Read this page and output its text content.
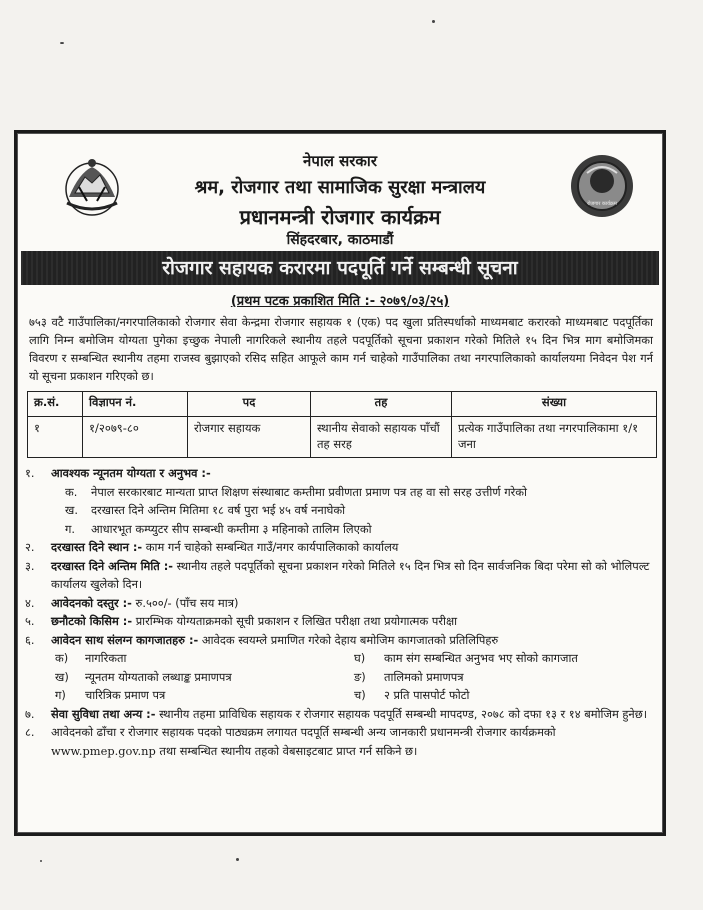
नेपाल सरकार
श्रम, रोजगार तथा सामाजिक सुरक्षा मन्त्रालय
प्रधानमन्त्री रोजगार कार्यक्रम
सिंहदरबार, काठमाडौं
रोजगार कार्यक्रम
रोजगार सहायक करारमा पदपूर्ति गर्ने सम्बन्धी सूचना
(प्रथम पटक प्रकाशित मिति :- २०७९/०३/२५)
७५३ वटै गाउँपालिका/नगरपालिकाको रोजगार सेवा केन्द्रमा रोजगार सहायक १ (एक) पद खुला प्रतिस्पर्धाको माध्यमबाट करारको माध्यमबाट पदपूर्तिका लागि निम्न बमोजिम योग्यता पुगेका इच्छुक नेपाली नागरिकले स्थानीय तहले पदपूर्तिको सूचना प्रकाशन गरेको मितिले १५ दिन भित्र माग बमोजिमका विवरण र सम्बन्धित स्थानीय तहमा राजस्व बुझाएको रसिद सहित आफूले काम गर्न चाहेको गाउँपालिका तथा नगरपालिकाको कार्यालयमा निवेदन पेश गर्न यो सूचना प्रकाशन गरिएको छ।
क्र.सं.	विज्ञापन नं.	पद	तह	संख्या
१	१/२०७९-८०	रोजगार सहायक	स्थानीय सेवाको सहायक पाँचौं तह सरह	प्रत्येक गाउँपालिका तथा नगरपालिकामा १/१ जना
१.	आवश्यक न्यूनतम योग्यता र अनुभव :-
क.	नेपाल सरकारबाट मान्यता प्राप्त शिक्षण संस्थाबाट कम्तीमा प्रवीणता प्रमाण पत्र तह वा सो सरह उत्तीर्ण गरेको
ख.	दरखास्त दिने अन्तिम मितिमा १८ वर्ष पुरा भई ४५ वर्ष ननाघेको
ग.	आधारभूत कम्प्युटर सीप सम्बन्धी कम्तीमा ३ महिनाको तालिम लिएको
२.	दरखास्त दिने स्थान :- काम गर्न चाहेको सम्बन्धित गाउँ/नगर कार्यपालिकाको कार्यालय
३.	दरखास्त दिने अन्तिम मिति :- स्थानीय तहले पदपूर्तिको सूचना प्रकाशन गरेको मितिले १५ दिन भित्र सो दिन सार्वजनिक बिदा परेमा सो को भोलिपल्ट कार्यालय खुलेको दिन।
४.	आवेदनको दस्तुर :- रु.५००/- (पाँच सय मात्र)
५.	छनौटको किसिम :- प्रारम्भिक योग्यताक्रमको सूची प्रकाशन र लिखित परीक्षा तथा प्रयोगात्मक परीक्षा
६.	आवेदन साथ संलग्न कागजातहरु :- आवेदक स्वयम्ले प्रमाणित गरेको देहाय बमोजिम कागजातको प्रतिलिपिहरु
क)	नागरिकता	घ)	काम संग सम्बन्धित अनुभव भए सोको कागजात
ख)	न्यूनतम योग्यताको लब्धाङ्क प्रमाणपत्र	ङ)	तालिमको प्रमाणपत्र
ग)	चारित्रिक प्रमाण पत्र	च)	२ प्रति पासपोर्ट फोटो
७.	सेवा सुविधा तथा अन्य :- स्थानीय तहमा प्राविधिक सहायक र रोजगार सहायक पदपूर्ति सम्बन्धी मापदण्ड, २०७८ को दफा १३ र १४ बमोजिम हुनेछ।
८.	आवेदनको ढाँचा र रोजगार सहायक पदको पाठ्यक्रम लगायत पदपूर्ति सम्बन्धी अन्य जानकारी प्रधानमन्त्री रोजगार कार्यक्रमको www.pmep.gov.np तथा सम्बन्धित स्थानीय तहको वेबसाइटबाट प्राप्त गर्न सकिने छ।
